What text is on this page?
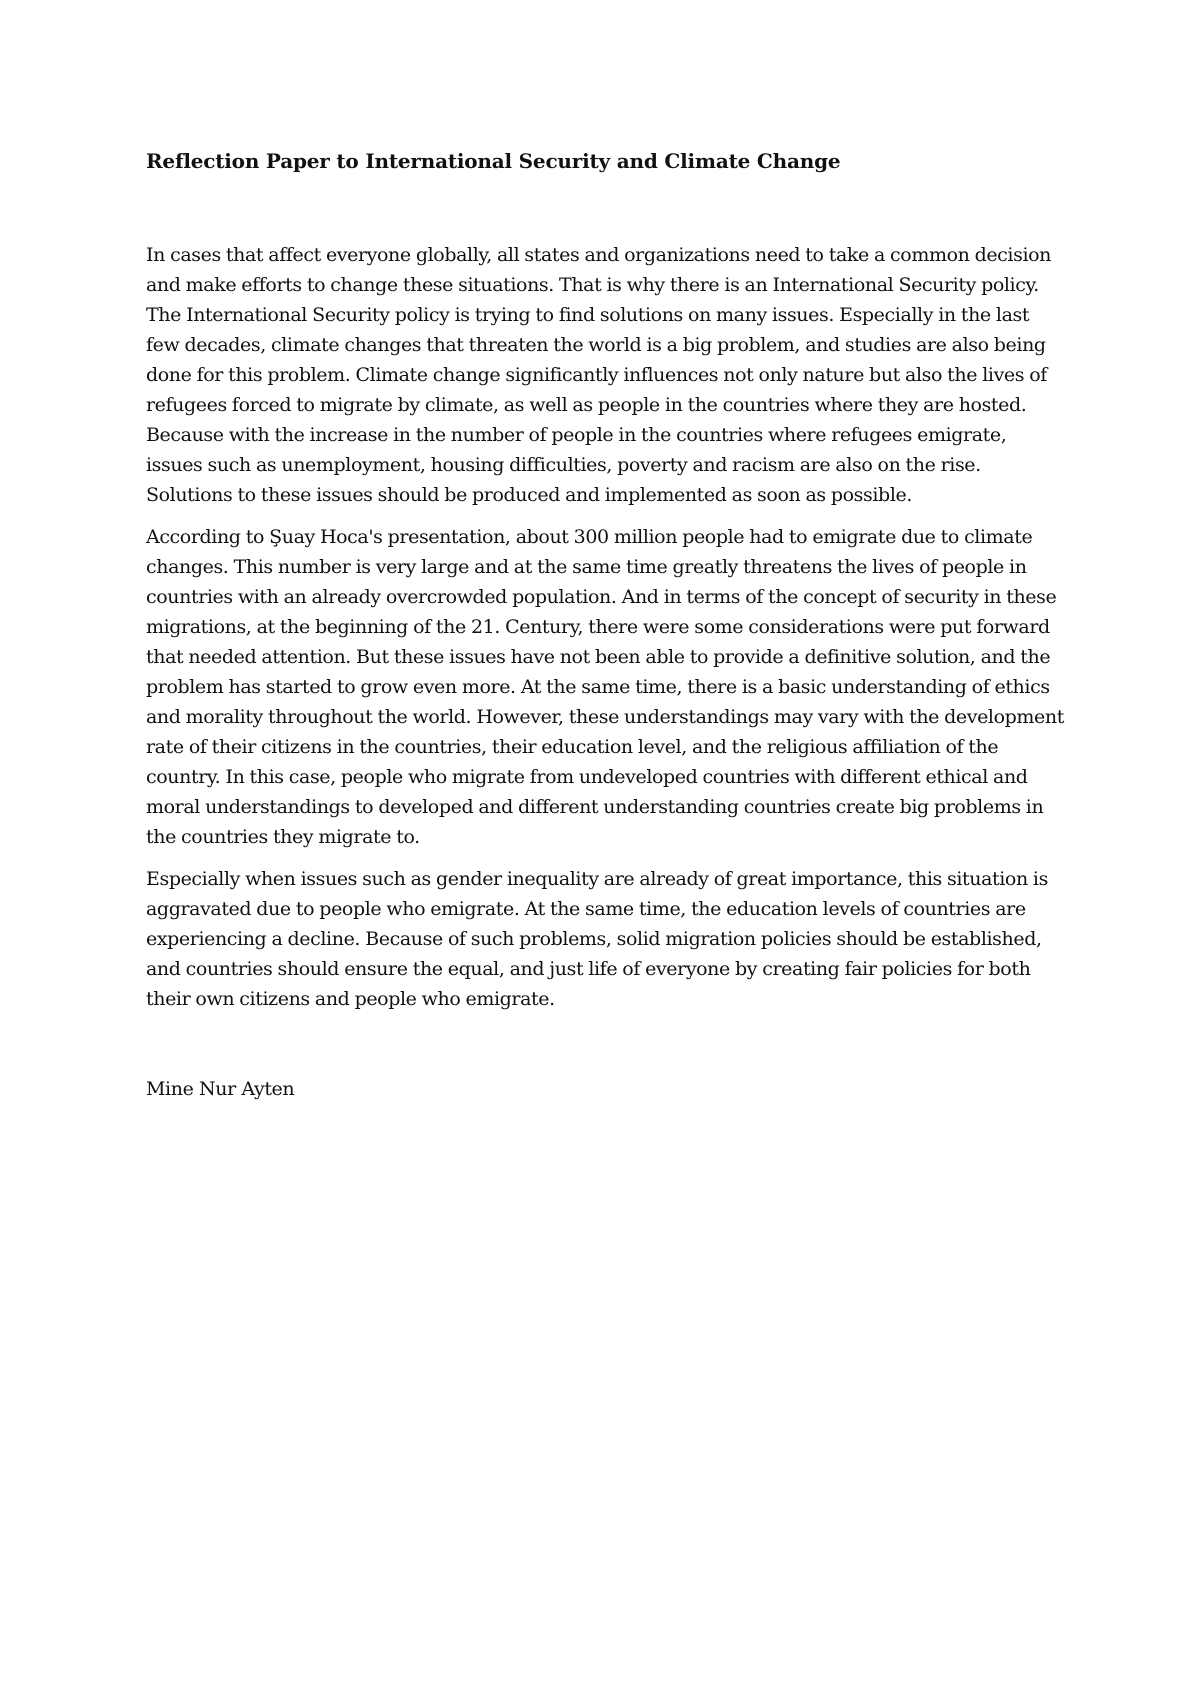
Reflection Paper to International Security and Climate Change

In cases that affect everyone globally, all states and organizations need to take a common decision and make efforts to change these situations. That is why there is an International Security policy. The International Security policy is trying to find solutions on many issues. Especially in the last few decades, climate changes that threaten the world is a big problem, and studies are also being done for this problem. Climate change significantly influences not only nature but also the lives of refugees forced to migrate by climate, as well as people in the countries where they are hosted. Because with the increase in the number of people in the countries where refugees emigrate, issues such as unemployment, housing difficulties, poverty and racism are also on the rise. Solutions to these issues should be produced and implemented as soon as possible.

According to Şuay Hoca's presentation, about 300 million people had to emigrate due to climate changes. This number is very large and at the same time greatly threatens the lives of people in countries with an already overcrowded population. And in terms of the concept of security in these migrations, at the beginning of the 21. Century, there were some considerations were put forward that needed attention. But these issues have not been able to provide a definitive solution, and the problem has started to grow even more. At the same time, there is a basic understanding of ethics and morality throughout the world. However, these understandings may vary with the development rate of their citizens in the countries, their education level, and the religious affiliation of the country. In this case, people who migrate from undeveloped countries with different ethical and moral understandings to developed and different understanding countries create big problems in the countries they migrate to.

Especially when issues such as gender inequality are already of great importance, this situation is aggravated due to people who emigrate. At the same time, the education levels of countries are experiencing a decline. Because of such problems, solid migration policies should be established, and countries should ensure the equal, and just life of everyone by creating fair policies for both their own citizens and people who emigrate.

Mine Nur Ayten
